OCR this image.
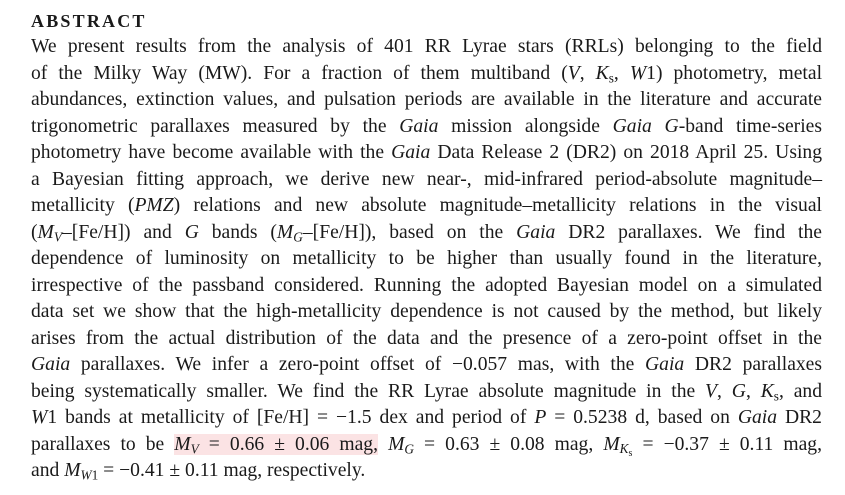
ABSTRACT
We present results from the analysis of 401 RR Lyrae stars (RRLs) belonging to the field
of the Milky Way (MW). For a fraction of them multiband (V, $K_s$, W1) photometry, metal
abundances, extinction values, and pulsation periods are available in the literature and accurate
trigonometric parallaxes measured by the Gaia mission alongside Gaia G-band time-series
photometry have become available with the Gaia Data Release 2 (DR2) on 2018 April 25. Using
a Bayesian fitting approach, we derive new near-, mid-infrared period-absolute magnitude–
metallicity (PMZ) relations and new absolute magnitude–metallicity relations in the visual
$(M_V-[Fe/H])$ and G bands $(M_G-[Fe/H])$, based on the Gaia DR2 parallaxes. We find the
dependence of luminosity on metallicity to be higher than usually found in the literature,
irrespective of the passband considered. Running the adopted Bayesian model on a simulated
data set we show that the high-metallicity dependence is not caused by the method, but likely
arises from the actual distribution of the data and the presence of a zero-point offset in the
Gaia parallaxes. We infer a zero-point offset of −0.057 mas, with the Gaia DR2 parallaxes
being systematically smaller. We find the RR Lyrae absolute magnitude in the V, G, $K_s$, and
W1 bands at metallicity of [Fe/H] = −1.5 dex and period of P = 0.5238 d, based on Gaia DR2
parallaxes to be $M_V = 0.66 \pm 0.06$ mag, $M_G = 0.63 \pm 0.08$ mag, $M_{K_s} = -0.37 \pm 0.11$ mag,
and $M_{W1} = -0.41 \pm 0.11$ mag, respectively.
